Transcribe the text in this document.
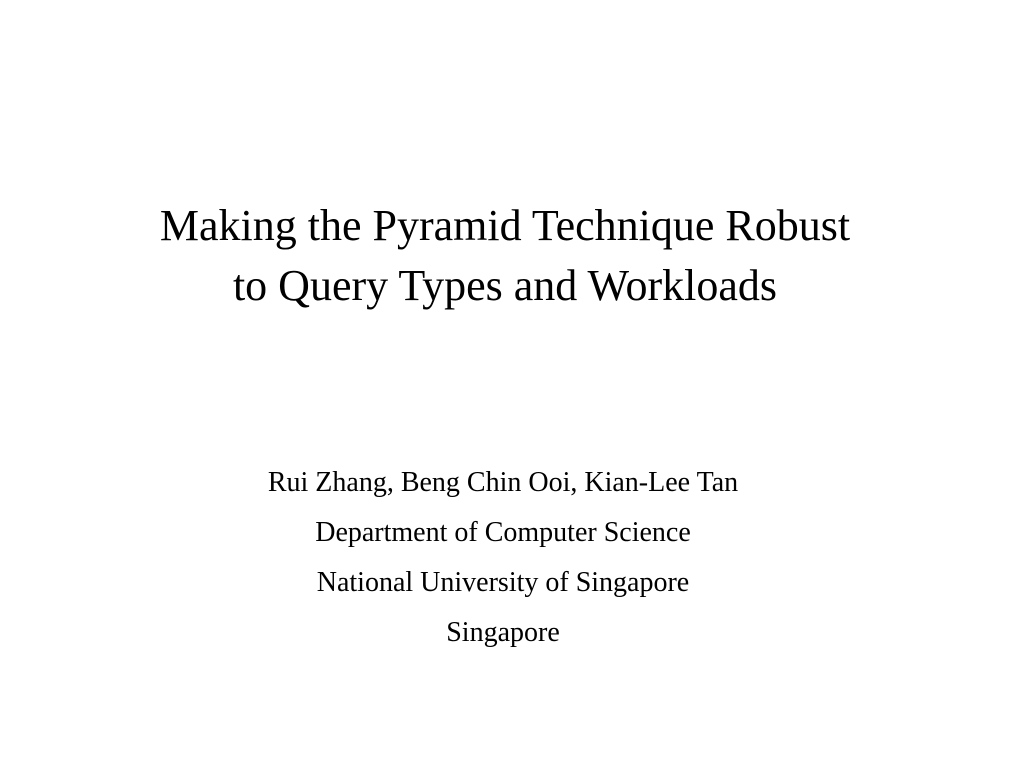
Making the Pyramid Technique Robust
to Query Types and Workloads
Rui Zhang, Beng Chin Ooi, Kian-Lee Tan
Department of Computer Science
National University of Singapore
Singapore
